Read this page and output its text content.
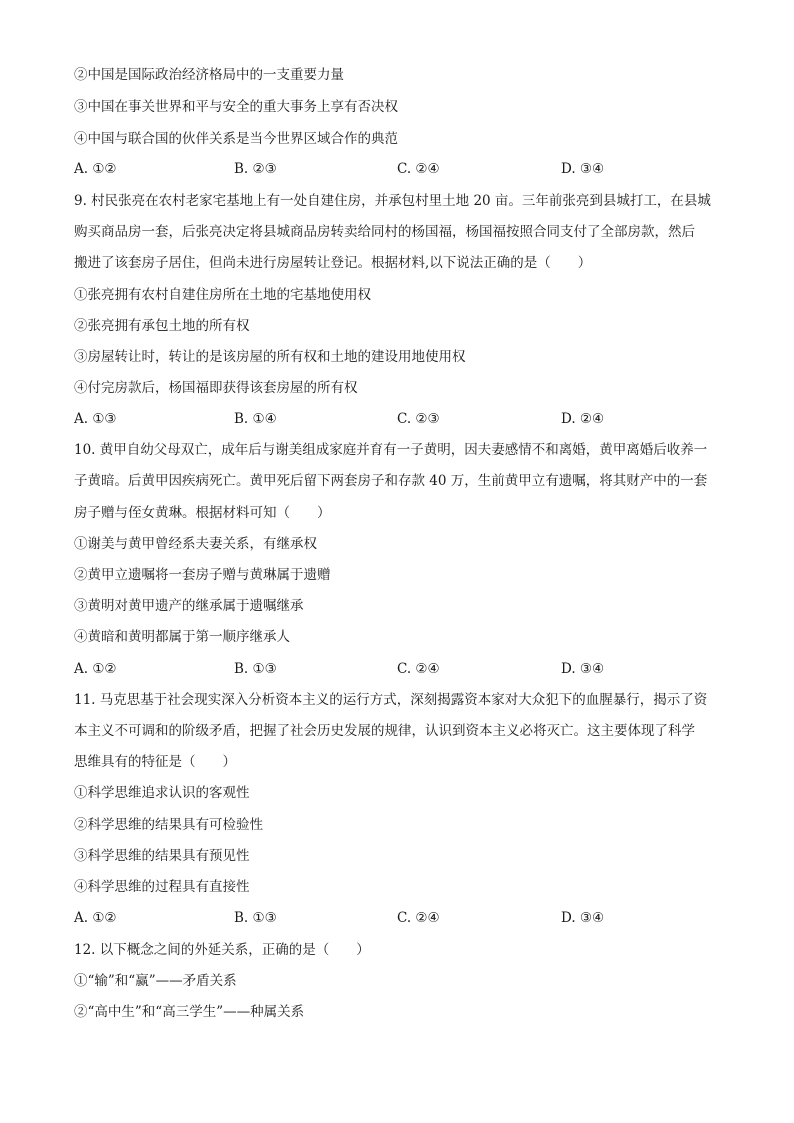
②中国是国际政治经济格局中的一支重要力量
③中国在事关世界和平与安全的重大事务上享有否决权
④中国与联合国的伙伴关系是当今世界区域合作的典范
A. ①②	B. ②③	C. ②④	D. ③④
9. 村民张亮在农村老家宅基地上有一处自建住房，并承包村里土地 20 亩。三年前张亮到县城打工，在县城
购买商品房一套，后张亮决定将县城商品房转卖给同村的杨国福，杨国福按照合同支付了全部房款，然后
搬进了该套房子居住，但尚未进行房屋转让登记。根据材料,以下说法正确的是（　　）
①张亮拥有农村自建住房所在土地的宅基地使用权
②张亮拥有承包土地的所有权
③房屋转让时，转让的是该房屋的所有权和土地的建设用地使用权
④付完房款后，杨国福即获得该套房屋的所有权
A. ①③	B. ①④	C. ②③	D. ②④
10. 黄甲自幼父母双亡，成年后与谢美组成家庭并育有一子黄明，因夫妻感情不和离婚，黄甲离婚后收养一
子黄暗。后黄甲因疾病死亡。黄甲死后留下两套房子和存款 40 万，生前黄甲立有遗嘱，将其财产中的一套
房子赠与侄女黄琳。根据材料可知（　　）
①谢美与黄甲曾经系夫妻关系，有继承权
②黄甲立遗嘱将一套房子赠与黄琳属于遗赠
③黄明对黄甲遗产的继承属于遗嘱继承
④黄暗和黄明都属于第一顺序继承人
A. ①②	B. ①③	C. ②④	D. ③④
11. 马克思基于社会现实深入分析资本主义的运行方式，深刻揭露资本家对大众犯下的血腥暴行，揭示了资
本主义不可调和的阶级矛盾，把握了社会历史发展的规律，认识到资本主义必将灭亡。这主要体现了科学
思维具有的特征是（　　）
①科学思维追求认识的客观性
②科学思维的结果具有可检验性
③科学思维的结果具有预见性
④科学思维的过程具有直接性
A. ①②	B. ①③	C. ②④	D. ③④
12. 以下概念之间的外延关系，正确的是（　　）
①“输”和“赢”——矛盾关系
②“高中生”和“高三学生”——种属关系
